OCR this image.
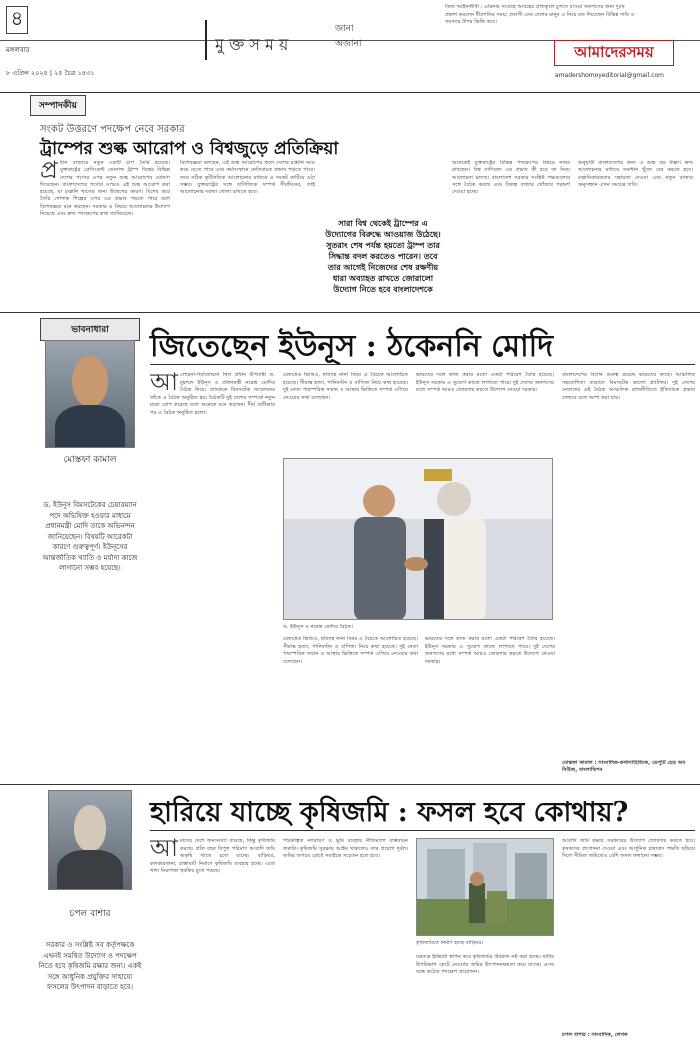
৪
মঙ্গলবার
৮ এপ্রিল ২০২৫ | ২৫ চৈত্র ১৪৩১
মুক্তসময়
জানা
অজানা
ডিজ আইনজীবী : এরিনার সংগ্রহে আবহের প্রতিকূলে চুপসে যাওয়া জনগণের জন্য দুঃখ প্রকাশ করলেন ধীরগতির সময়; প্রবাসী এবং দেশের মানুষ এ নিয়ে মত দিয়েছেন বিভিন্ন দাবি ও সমস্যার উপর ভিত্তি করে।
আমাদেরসময়
amadershomoyeditorial@gmail.com
সম্পাদকীয়
সংকট উত্তরণে পদক্ষেপ নেবে সরকার
ট্রাম্পের শুল্ক আরোপ ও বিশ্বজুড়ে প্রতিক্রিয়া
প্র ধান বাজারে নতুন একটি চাপ তৈরি হয়েছে। যুক্তরাষ্ট্রের প্রেসিডেন্ট ডোনাল্ড ট্রাম্প বিশ্বের বিভিন্ন দেশের পণ্যের ওপর নতুন শুল্ক আরোপের ঘোষণা দিয়েছেন। বাংলাদেশের পণ্যের ওপরও এই শুল্ক আরোপ করা হয়েছে, যা রপ্তানি খাতের জন্য উদ্বেগের কারণ। বিশেষ করে তৈরি পোশাক শিল্পের ওপর এর প্রভাব পড়তে পারে বলে বিশেষজ্ঞরা মনে করছেন। সরকার এ বিষয়ে আলোচনার উদ্যোগ নিয়েছে এবং দ্রুত পদক্ষেপের কথা জানিয়েছে।
বিশেষজ্ঞরা বলছেন, এই শুল্ক আরোপের ফলে দেশের রপ্তানি আয় কমে যেতে পারে এবং কর্মসংস্থানে নেতিবাচক প্রভাব পড়তে পারে। তবে সঠিক কূটনৈতিক আলোচনার মাধ্যমে এ সংকট কাটিয়ে ওঠা সম্ভব। যুক্তরাষ্ট্রের সঙ্গে বাণিজ্যিক সম্পর্ক দীর্ঘদিনের, তাই আলোচনার দরজা খোলা রাখতে হবে।
সারা বিশ্ব থেকেই ট্রাম্পের এ উদ্যোগের বিরুদ্ধে আওয়াজ উঠেছে। সুতরাং শেষ পর্যন্ত হয়তো ট্রাম্প তার সিদ্ধান্ত বদল করতেও পারেন। তবে তার আগেই নিজেদের শেষ রক্ষণীয় ধারা অব্যাহত রাখতে জোরালো উদ্যোগ নিতে হবে বাংলাদেশকে
অনেকেই যুক্তরাষ্ট্রের বিভিন্ন পদক্ষেপের বিষয়ে নজর রাখছেন। বিশ্ব বাণিজ্যে এর প্রভাব কী হবে তা নিয়ে আলোচনা চলছে। বাংলাদেশ সরকার সংশ্লিষ্ট পক্ষগুলোর সঙ্গে বৈঠক করছে এবং বিকল্প বাজার খোঁজার পরামর্শ দেওয়া হচ্ছে।
অনুযায়ী বাংলাদেশের জন্য এ শুল্ক বড় ধাক্কা। দ্রুত আলোচনার মাধ্যমে সমাধান খুঁজে বের করতে হবে। রপ্তানিকারকদের সহায়তা দেওয়া এবং নতুন বাজার অনুসন্ধান এখন সময়ের দাবি।
ভাবনাধারা
মোস্তফা কামাল
ড. ইউনূস বিমসটেকের চেয়ারম্যান পদে অভিষিক্ত হওয়ার মাধ্যমে প্রধানমন্ত্রী মোদি তাকে অভিনন্দন জানিয়েছেন। বিষয়টি আরেকটা কারণে গুরুত্বপূর্ণ। ইউনূসের আন্তর্জাতিক খ্যাতি ও মর্যাদা কাজে লাগানো সম্ভব হয়েছে।
জিতেছেন ইউনূস : ঠকেননি মোদি
আ লোচনা-পর্যালোচনা ছিল প্রধান উপদেষ্টা ড. মুহাম্মদ ইউনূস ও প্রধানমন্ত্রী নরেন্দ্র মোদির বৈঠক নিয়ে। ব্যাংককে বিমসটেক সম্মেলনের ফাঁকে এ বৈঠক অনুষ্ঠিত হয়। বৈঠকটি দুই দেশের সম্পর্কে নতুন মাত্রা যোগ করেছে বলে অনেকে মনে করছেন। দীর্ঘ প্রতীক্ষার পর এ বৈঠক অনুষ্ঠিত হলো।
রেকর্ডেড ভিডিও, ছবিসহ নানা বিষয় এ বৈঠকে আলোচিত হয়েছে। সীমান্ত হত্যা, পানিবণ্টন ও বাণিজ্য নিয়ে কথা হয়েছে। দুই নেতা পারস্পরিক সম্মান ও আস্থার ভিত্তিতে সম্পর্ক এগিয়ে নেওয়ার কথা বলেছেন।
ভারতের সঙ্গে কাজ করার মতো একটা পরিবেশ তৈরি হয়েছে। ইউনূস সরকার এ সুযোগ কাজে লাগাতে পারে। দুই দেশের জনগণের মধ্যে সম্পর্ক আরও জোরদার করতে উদ্যোগ নেওয়া দরকার।
ড. ইউনূস ও নরেন্দ্র মোদির বৈঠক।
রেকর্ডেড ভিডিও, ছবিসহ নানা বিষয় এ বৈঠকে আলোচিত হয়েছে। সীমান্ত হত্যা, পানিবণ্টন ও বাণিজ্য নিয়ে কথা হয়েছে। দুই নেতা পারস্পরিক সম্মান ও আস্থার ভিত্তিতে সম্পর্ক এগিয়ে নেওয়ার কথা বলেছেন।
ভারতের সঙ্গে কাজ করার মতো একটা পরিবেশ তৈরি হয়েছে। ইউনূস সরকার এ সুযোগ কাজে লাগাতে পারে। দুই দেশের জনগণের মধ্যে সম্পর্ক আরও জোরদার করতে উদ্যোগ নেওয়া দরকার।
বাংলাদেশের বিশেষ গুরুত্ব রয়েছে ভারতের কাছে। আঞ্চলিক সহযোগিতা বাড়াতে বিমসটেক ভালো প্ল্যাটফর্ম। দুই দেশের নেতাদের এই বৈঠক আঞ্চলিক রাজনীতিতে ইতিবাচক প্রভাব ফেলবে বলে আশা করা যায়।
মোস্তফা কামাল : সাংবাদিক-কথাসাহিত্যিক, ডেপুটি হেড অব নিউজ, বাংলাভিশন
চপল বাশার
সরকার ও সংশ্লিষ্ট সব কর্তৃপক্ষকে এখনই সমন্বিত উদ্যোগ ও পদক্ষেপ নিতে হবে কৃষিজমি রক্ষার জন্য। একই সঙ্গে আধুনিক প্রযুক্তির সাহায্যে ফসলের উৎপাদন বাড়াতে হবে।
হারিয়ে যাচ্ছে কৃষিজমি : ফসল হবে কোথায়?
আ মাদের দেশে জনসংখ্যা বাড়ছে, কিন্তু কৃষিজমি কমছে। প্রতি বছর বিপুল পরিমাণ আবাদি জমি অকৃষি খাতে চলে যাচ্ছে। বাড়িঘর, কলকারখানা, রাস্তাঘাট নির্মাণে কৃষিজমি ব্যবহার হচ্ছে। এতে খাদ্য নিরাপত্তা হুমকির মুখে পড়ছে।
পরিকল্পিত নগরায়ণ ও ভূমি ব্যবহার নীতিমালা বাস্তবায়ন জরুরি। কৃষিজমি সুরক্ষায় আইন থাকলেও তার প্রয়োগ দুর্বল। জমির অপচয় রোধে সবাইকে সচেতন হতে হবে।
কৃষিজমিতে নির্মাণ হচ্ছে বাড়িঘর।
যত্রতত্র ইটভাটা স্থাপন করে কৃষিজমির উর্বরতা নষ্ট করা হচ্ছে। মাটির উপরিভাগ কেটে নেওয়ায় জমির উৎপাদনক্ষমতা কমে যাচ্ছে। এসব বন্ধে কঠোর পদক্ষেপ প্রয়োজন।
আবাদি জমি রক্ষায় সরকারের উদ্যোগ জোরদার করতে হবে। কৃষকদের প্রণোদনা দেওয়া এবং আধুনিক চাষাবাদ পদ্ধতি ছড়িয়ে দিলে সীমিত জমিতেও বেশি ফসল ফলানো সম্ভব।
চপল বাশার : সাংবাদিক, লেখক
